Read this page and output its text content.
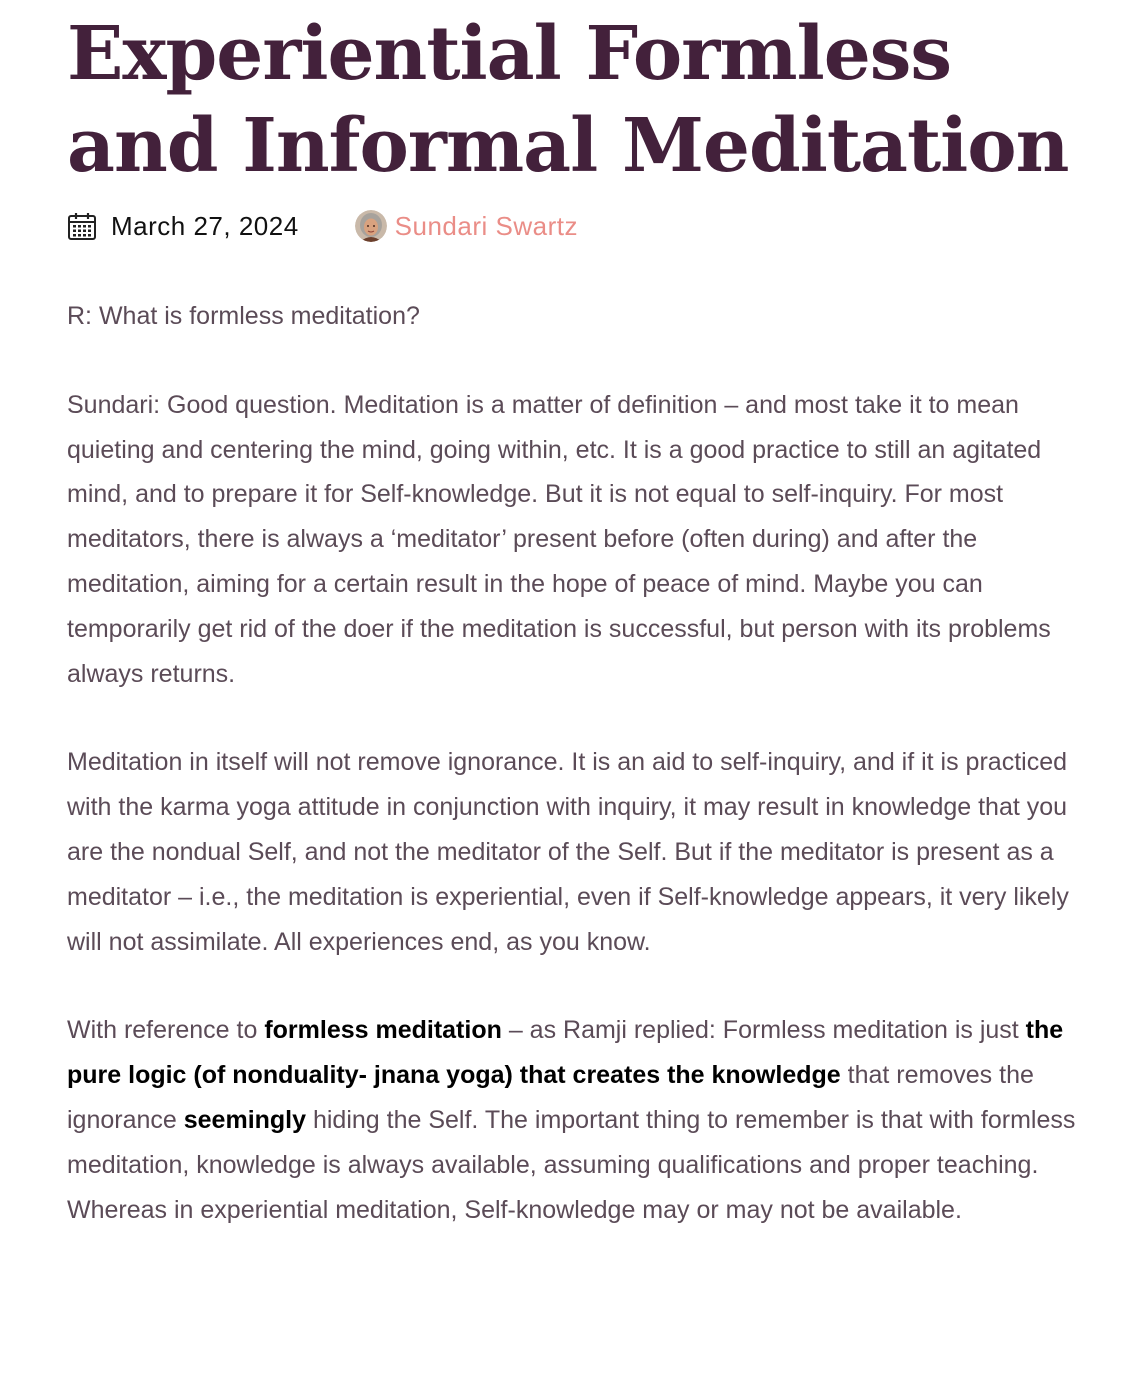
Experiential Formless and Informal Meditation
March 27, 2024	Sundari Swartz

R: What is formless meditation?

Sundari: Good question. Meditation is a matter of definition – and most take it to mean quieting and centering the mind, going within, etc. It is a good practice to still an agitated mind, and to prepare it for Self-knowledge. But it is not equal to self-inquiry. For most meditators, there is always a ‘meditator’ present before (often during) and after the meditation, aiming for a certain result in the hope of peace of mind. Maybe you can temporarily get rid of the doer if the meditation is successful, but person with its problems always returns.

Meditation in itself will not remove ignorance. It is an aid to self-inquiry, and if it is practiced with the karma yoga attitude in conjunction with inquiry, it may result in knowledge that you are the nondual Self, and not the meditator of the Self. But if the meditator is present as a meditator – i.e., the meditation is experiential, even if Self-knowledge appears, it very likely will not assimilate. All experiences end, as you know.

With reference to formless meditation – as Ramji replied: Formless meditation is just the pure logic (of nonduality- jnana yoga) that creates the knowledge that removes the ignorance seemingly hiding the Self. The important thing to remember is that with formless meditation, knowledge is always available, assuming qualifications and proper teaching. Whereas in experiential meditation, Self-knowledge may or may not be available.
